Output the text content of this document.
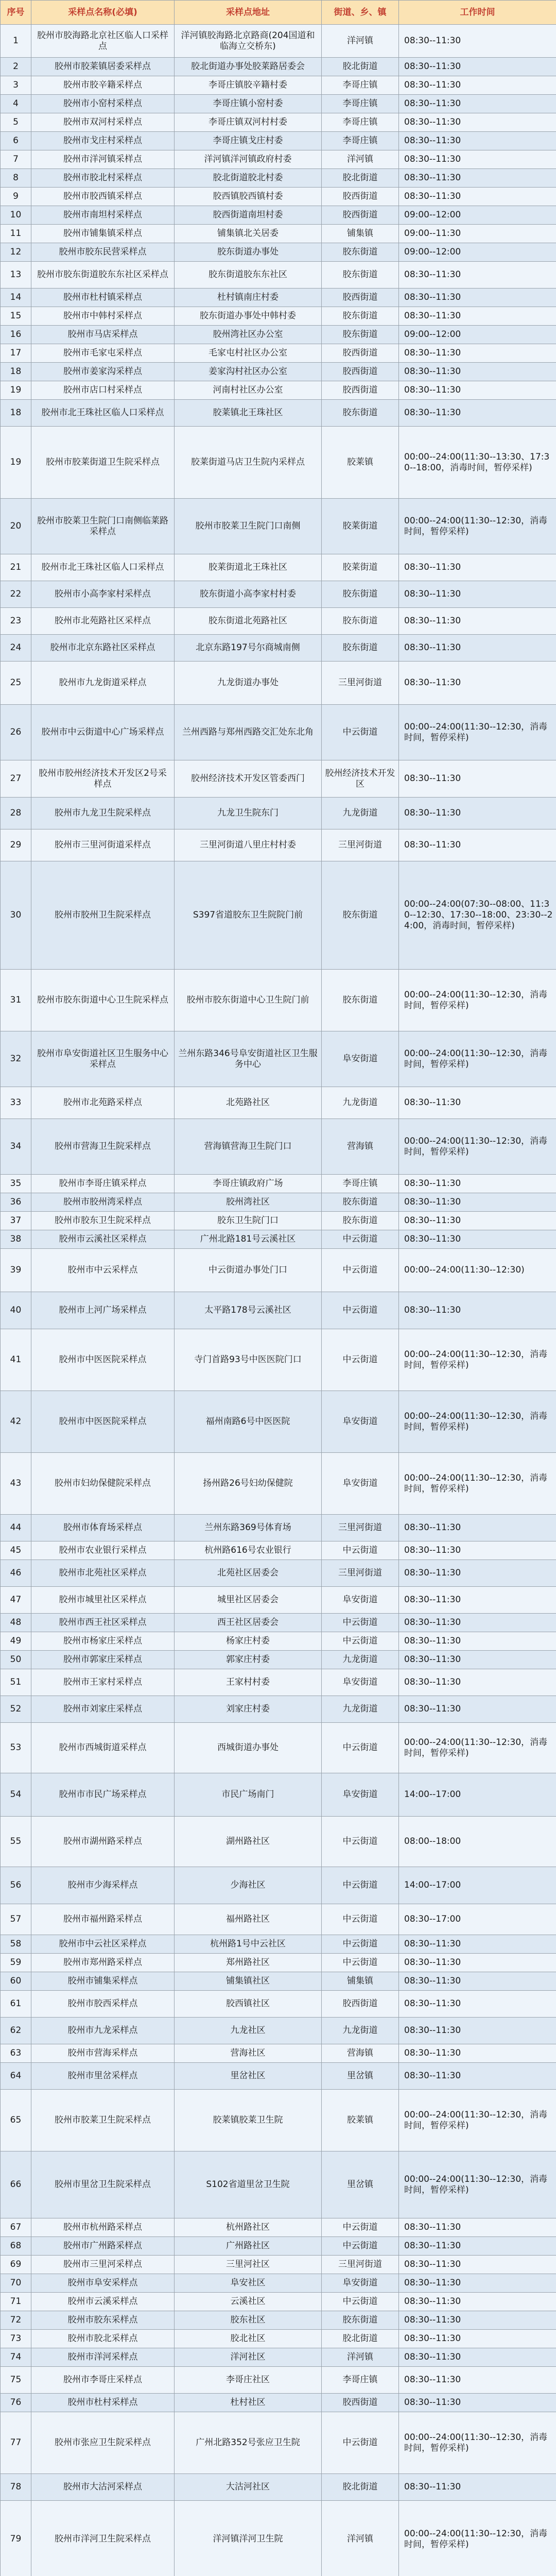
序号	采样点名称(必填)	采样点地址	街道、乡、镇	工作时间
1	胶州市胶海路北京社区临人口采样点	洋河镇胶海路北京路商(204国道和临海立交桥东)	洋河镇	08:30--11:30
2	胶州市胶莱镇居委采样点	胶北街道办事处胶莱路居委会	胶北街道	08:30--11:30
3	胶州市胶辛籍采样点	李哥庄镇胶辛籍村委	李哥庄镇	08:30--11:30
4	胶州市小窑村采样点	李哥庄镇小窑村委	李哥庄镇	08:30--11:30
5	胶州市双河村采样点	李哥庄镇双河村村委	李哥庄镇	08:30--11:30
6	胶州市戈庄村采样点	李哥庄镇戈庄村委	李哥庄镇	08:30--11:30
7	胶州市洋河镇采样点	洋河镇洋河镇政府村委	洋河镇	08:30--11:30
8	胶州市胶北村采样点	胶北街道胶北村委	胶北街道	08:30--11:30
9	胶州市胶西镇采样点	胶西镇胶西镇村委	胶西街道	08:30--11:30
10	胶州市南坦村采样点	胶西街道南坦村委	胶西街道	09:00--12:00
11	胶州市铺集镇采样点	铺集镇北关居委	铺集镇	09:00--11:30
12	胶州市胶东民营采样点	胶东街道办事处	胶东街道	09:00--12:00
13	胶州市胶东街道胶东东社区采样点	胶东街道胶东东社区	胶东街道	08:30--11:30
14	胶州市杜村镇采样点	杜村镇南庄村委	胶西街道	08:30--11:30
15	胶州市中韩村采样点	胶东街道办事处中韩村委	胶东街道	08:30--11:30
16	胶州市马店采样点	胶州湾社区办公室	胶东街道	09:00--12:00
17	胶州市毛家屯采样点	毛家屯村社区办公室	胶西街道	08:30--11:30
18	胶州市姜家沟采样点	姜家沟村社区办公室	胶西街道	08:30--11:30
19	胶州市店口村采样点	河南村社区办公室	胶西街道	08:30--11:30
18	胶州市北王珠社区临人口采样点	胶莱镇北王珠社区	胶东街道	08:30--11:30
19	胶州市胶莱街道卫生院采样点	胶莱街道马店卫生院内采样点	胶莱镇	00:00--24:00(11:30--13:30、17:30--18:00，消毒时间，暂停采样)
20	胶州市胶莱卫生院门口南侧临莱路采样点	胶州市胶莱卫生院门口南侧	胶莱街道	00:00--24:00(11:30--12:30，消毒时间，暂停采样)
21	胶州市北王珠社区临人口采样点	胶莱街道北王珠社区	胶莱街道	08:30--11:30
22	胶州市小高李家村采样点	胶东街道小高李家村村委	胶东街道	08:30--11:30
23	胶州市北苑路社区采样点	胶东街道北苑路社区	胶东街道	08:30--11:30
24	胶州市北京东路社区采样点	北京东路197号尔商城南侧	胶东街道	08:30--11:30
25	胶州市九龙街道采样点	九龙街道办事处	三里河街道	08:30--11:30
26	胶州市中云街道中心广场采样点	兰州西路与郑州西路交汇处东北角	中云街道	00:00--24:00(11:30--12:30，消毒时间，暂停采样)
27	胶州市胶州经济技术开发区2号采样点	胶州经济技术开发区管委西门	胶州经济技术开发区	08:30--11:30
28	胶州市九龙卫生院采样点	九龙卫生院东门	九龙街道	08:30--11:30
29	胶州市三里河街道采样点	三里河街道八里庄村村委	三里河街道	08:30--11:30
30	胶州市胶州卫生院采样点	S397省道胶东卫生院院门前	胶东街道	00:00--24:00(07:30--08:00、11:30--12:30、17:30--18:00、23:30--24:00，消毒时间，暂停采样)
31	胶州市胶东街道中心卫生院采样点	胶州市胶东街道中心卫生院门前	胶东街道	00:00--24:00(11:30--12:30，消毒时间，暂停采样)
32	胶州市阜安街道社区卫生服务中心采样点	兰州东路346号阜安街道社区卫生服务中心	阜安街道	00:00--24:00(11:30--12:30，消毒时间，暂停采样)
33	胶州市北苑路采样点	北苑路社区	九龙街道	08:30--11:30
34	胶州市营海卫生院采样点	营海镇营海卫生院门口	营海镇	00:00--24:00(11:30--12:30，消毒时间，暂停采样)
35	胶州市李哥庄镇采样点	李哥庄镇政府广场	李哥庄镇	08:30--11:30
36	胶州市胶州湾采样点	胶州湾社区	胶东街道	08:30--11:30
37	胶州市胶东卫生院采样点	胶东卫生院门口	胶东街道	08:30--11:30
38	胶州市云溪社区采样点	广州北路181号云溪社区	中云街道	08:30--11:30
39	胶州市中云采样点	中云街道办事处门口	中云街道	00:00--24:00(11:30--12:30)
40	胶州市上河广场采样点	太平路178号云溪社区	中云街道	08:30--11:30
41	胶州市中医医院采样点	寺门首路93号中医医院门口	中云街道	00:00--24:00(11:30--12:30，消毒时间，暂停采样)
42	胶州市中医医院采样点	福州南路6号中医医院	阜安街道	00:00--24:00(11:30--12:30，消毒时间，暂停采样)
43	胶州市妇幼保健院采样点	扬州路26号妇幼保健院	阜安街道	00:00--24:00(11:30--12:30，消毒时间，暂停采样)
44	胶州市体育场采样点	兰州东路369号体育场	三里河街道	08:30--11:30
45	胶州市农业银行采样点	杭州路616号农业银行	中云街道	08:30--11:30
46	胶州市北苑社区采样点	北苑社区居委会	三里河街道	08:30--11:30
47	胶州市城里社区采样点	城里社区居委会	阜安街道	08:30--11:30
48	胶州市西王社区采样点	西王社区居委会	中云街道	08:30--11:30
49	胶州市杨家庄采样点	杨家庄村委	中云街道	08:30--11:30
50	胶州市郭家庄采样点	郭家庄村委	九龙街道	08:30--11:30
51	胶州市王家村采样点	王家村村委	阜安街道	08:30--11:30
52	胶州市刘家庄采样点	刘家庄村委	九龙街道	08:30--11:30
53	胶州市西城街道采样点	西城街道办事处	中云街道	00:00--24:00(11:30--12:30，消毒时间，暂停采样)
54	胶州市市民广场采样点	市民广场南门	阜安街道	14:00--17:00
55	胶州市湖州路采样点	湖州路社区	中云街道	08:00--18:00
56	胶州市少海采样点	少海社区	中云街道	14:00--17:00
57	胶州市福州路采样点	福州路社区	中云街道	08:30--17:00
58	胶州市中云社区采样点	杭州路1号中云社区	中云街道	08:30--11:30
59	胶州市郑州路采样点	郑州路社区	中云街道	08:30--11:30
60	胶州市铺集采样点	铺集镇社区	铺集镇	08:30--11:30
61	胶州市胶西采样点	胶西镇社区	胶西街道	08:30--11:30
62	胶州市九龙采样点	九龙社区	九龙街道	08:30--11:30
63	胶州市营海采样点	营海社区	营海镇	08:30--11:30
64	胶州市里岔采样点	里岔社区	里岔镇	08:30--11:30
65	胶州市胶莱卫生院采样点	胶莱镇胶莱卫生院	胶莱镇	00:00--24:00(11:30--12:30，消毒时间，暂停采样)
66	胶州市里岔卫生院采样点	S102省道里岔卫生院	里岔镇	00:00--24:00(11:30--12:30，消毒时间，暂停采样)
67	胶州市杭州路采样点	杭州路社区	中云街道	08:30--11:30
68	胶州市广州路采样点	广州路社区	中云街道	08:30--11:30
69	胶州市三里河采样点	三里河社区	三里河街道	08:30--11:30
70	胶州市阜安采样点	阜安社区	阜安街道	08:30--11:30
71	胶州市云溪采样点	云溪社区	中云街道	08:30--11:30
72	胶州市胶东采样点	胶东社区	胶东街道	08:30--11:30
73	胶州市胶北采样点	胶北社区	胶北街道	08:30--11:30
74	胶州市洋河采样点	洋河社区	洋河镇	08:30--11:30
75	胶州市李哥庄采样点	李哥庄社区	李哥庄镇	08:30--11:30
76	胶州市杜村采样点	杜村社区	胶西街道	08:30--11:30
77	胶州市张应卫生院采样点	广州北路352号张应卫生院	中云街道	00:00--24:00(11:30--12:30，消毒时间，暂停采样)
78	胶州市大沽河采样点	大沽河社区	胶北街道	08:30--11:30
79	胶州市洋河卫生院采样点	洋河镇洋河卫生院	洋河镇	00:00--24:00(11:30--12:30，消毒时间，暂停采样)
